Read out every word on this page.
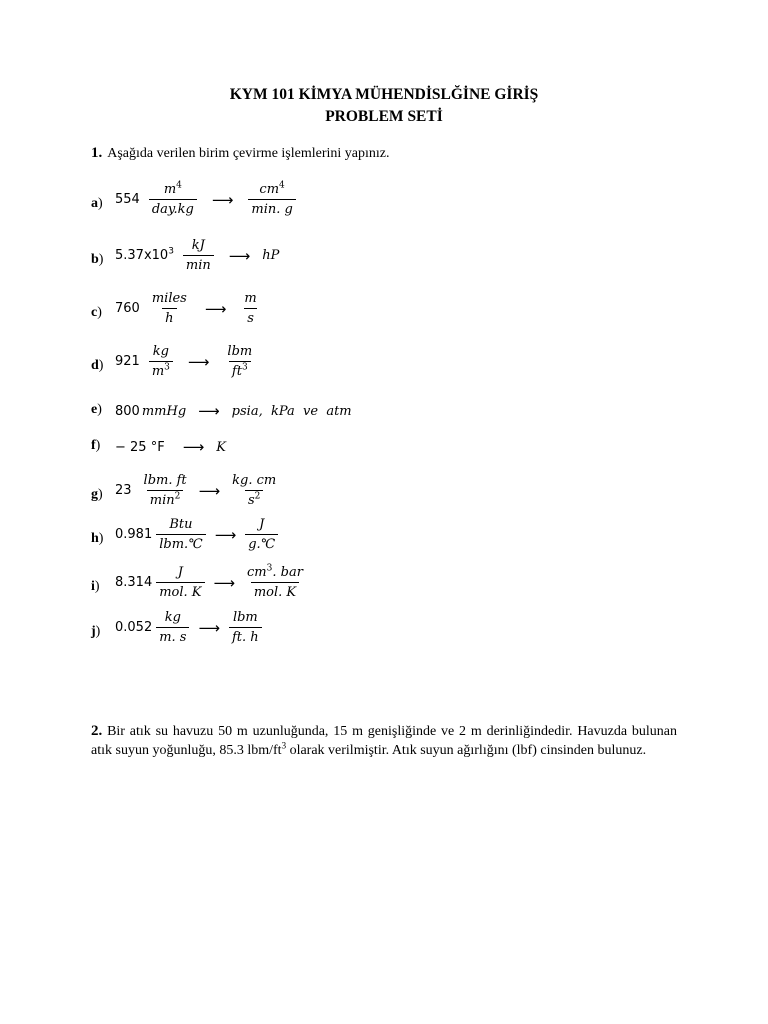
KYM 101 KİMYA MÜHENDİSLĞİNE GİRİŞ
PROBLEM SETİ
1. Aşağıda verilen birim çevirme işlemlerini yapınız.
a) $554 \frac{m^4}{\text{day.kg}}$ ⟶ $\frac{cm^4}{\min. g}$
b) $5.37x10^3 \frac{kJ}{\min}$ ⟶ hP
c) $760 \frac{\text{miles}}{h}$ ⟶ $\frac{m}{s}$
d) $921 \frac{kg}{m^3}$ ⟶ $\frac{\text{lbm}}{ft^3}$
e) 800 mmHg ⟶ psia,  kPa  ve  atm
f) − 25 °F ⟶ K
g) $23 \frac{\text{lbm. ft}}{\min^2}$ ⟶ $\frac{kg. cm}{s^2}$
h) $0.981 \frac{\text{Btu}}{\text{lbm.℃}}$ ⟶ $\frac{J}{g.℃}$
i) $8.314 \frac{J}{\text{mol. K}}$ ⟶ $\frac{cm^3. bar}{\text{mol. K}}$
j) $0.052 \frac{kg}{m. s}$ ⟶ $\frac{\text{lbm}}{ft. h}$
2. Bir atık su havuzu 50 m uzunluğunda, 15 m genişliğinde ve 2 m derinliğindedir. Havuzda bulunan atık suyun yoğunluğu, 85.3 lbm/$ft^3$ olarak verilmiştir. Atık suyun ağırlığını (lbf) cinsinden bulunuz.
